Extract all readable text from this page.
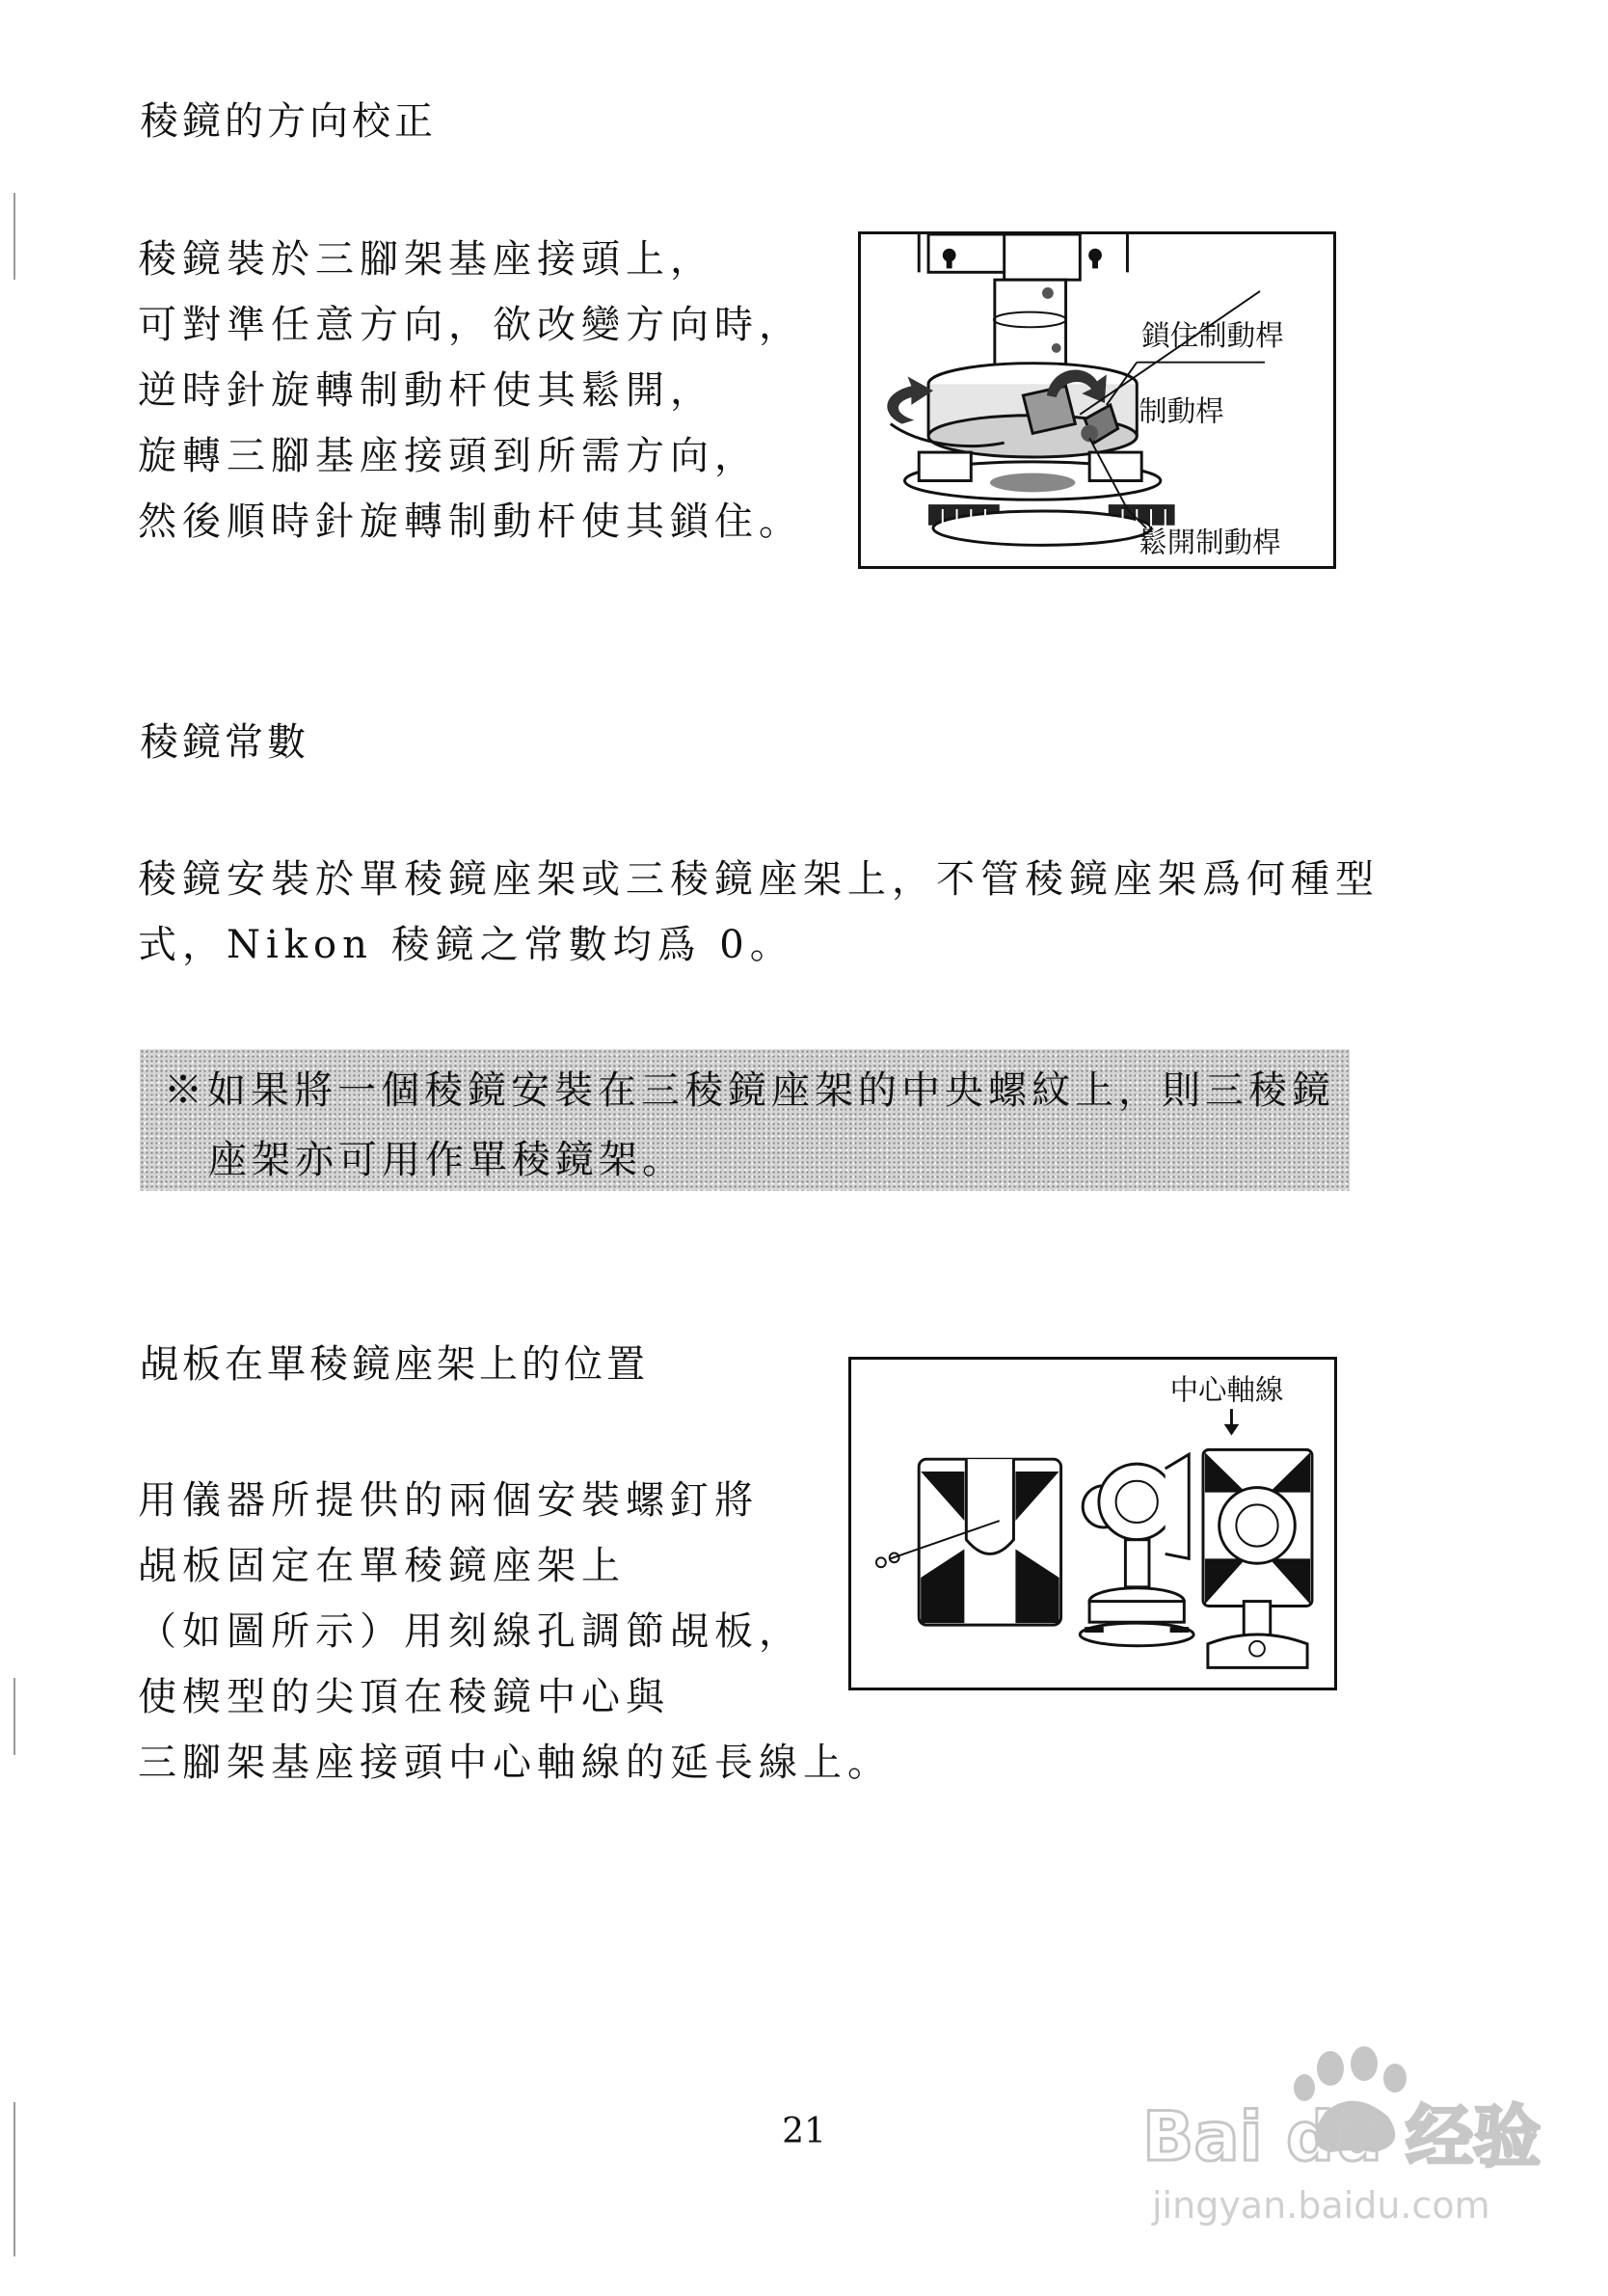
稜鏡的方向校正
稜鏡裝於三腳架基座接頭上，
可對準任意方向，欲改變方向時，
逆時針旋轉制動杆使其鬆開，
旋轉三腳基座接頭到所需方向，
然後順時針旋轉制動杆使其鎖住。
鎖住制動桿
制動桿
鬆開制動桿
稜鏡常數
稜鏡安裝於單稜鏡座架或三稜鏡座架上，不管稜鏡座架爲何種型
式，Nikon 稜鏡之常數均爲 0。
※如果將一個稜鏡安裝在三稜鏡座架的中央螺紋上，則三稜鏡
座架亦可用作單稜鏡架。
覘板在單稜鏡座架上的位置
用儀器所提供的兩個安裝螺釘將
覘板固定在單稜鏡座架上
（如圖所示）用刻線孔調節覘板，
使楔型的尖頂在稜鏡中心與
三腳架基座接頭中心軸線的延長線上。
中心軸線
21	Bai du 经验
jingyan.baidu.com
